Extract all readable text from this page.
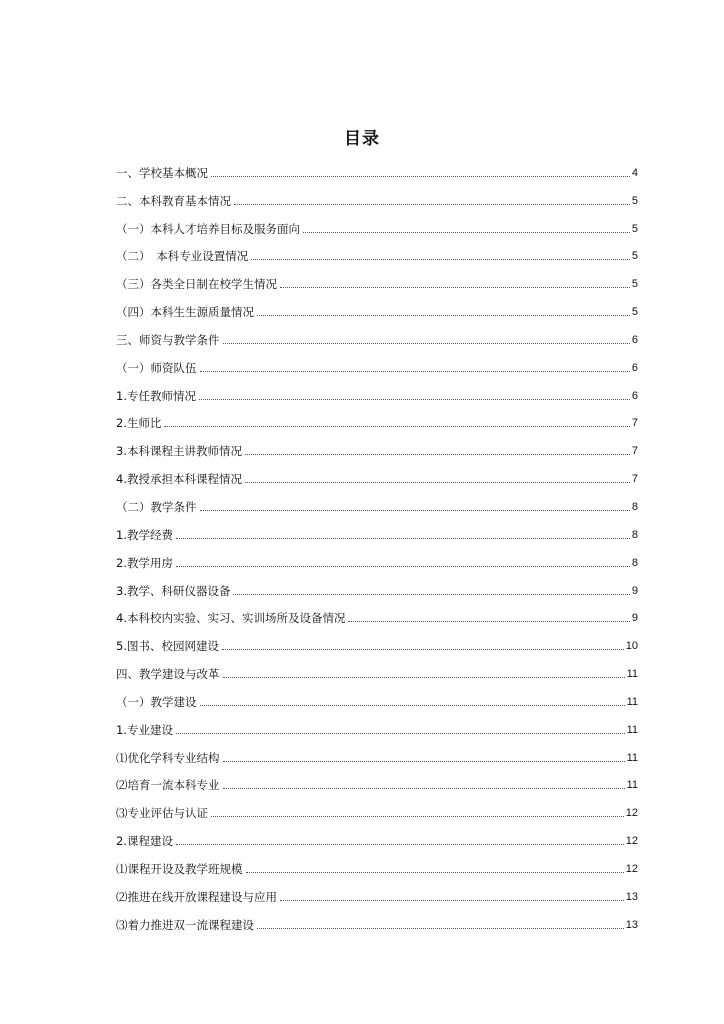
目录
一、学校基本概况	4
二、本科教育基本情况	5
（一）本科人才培养目标及服务面向	5
（二）　本科专业设置情况	5
（三）各类全日制在校学生情况	5
（四）本科生生源质量情况	5
三、师资与教学条件	6
（一）师资队伍	6
1.专任教师情况	6
2.生师比	7
3.本科课程主讲教师情况	7
4.教授承担本科课程情况	7
（二）教学条件	8
1.教学经费	8
2.教学用房	8
3.教学、科研仪器设备	9
4.本科校内实验、实习、实训场所及设备情况	9
5.图书、校园网建设	10
四、教学建设与改革	11
（一）教学建设	11
1.专业建设	11
⑴优化学科专业结构	11
⑵培育一流本科专业	11
⑶专业评估与认证	12
2.课程建设	12
⑴课程开设及教学班规模	12
⑵推进在线开放课程建设与应用	13
⑶着力推进双一流课程建设	13
